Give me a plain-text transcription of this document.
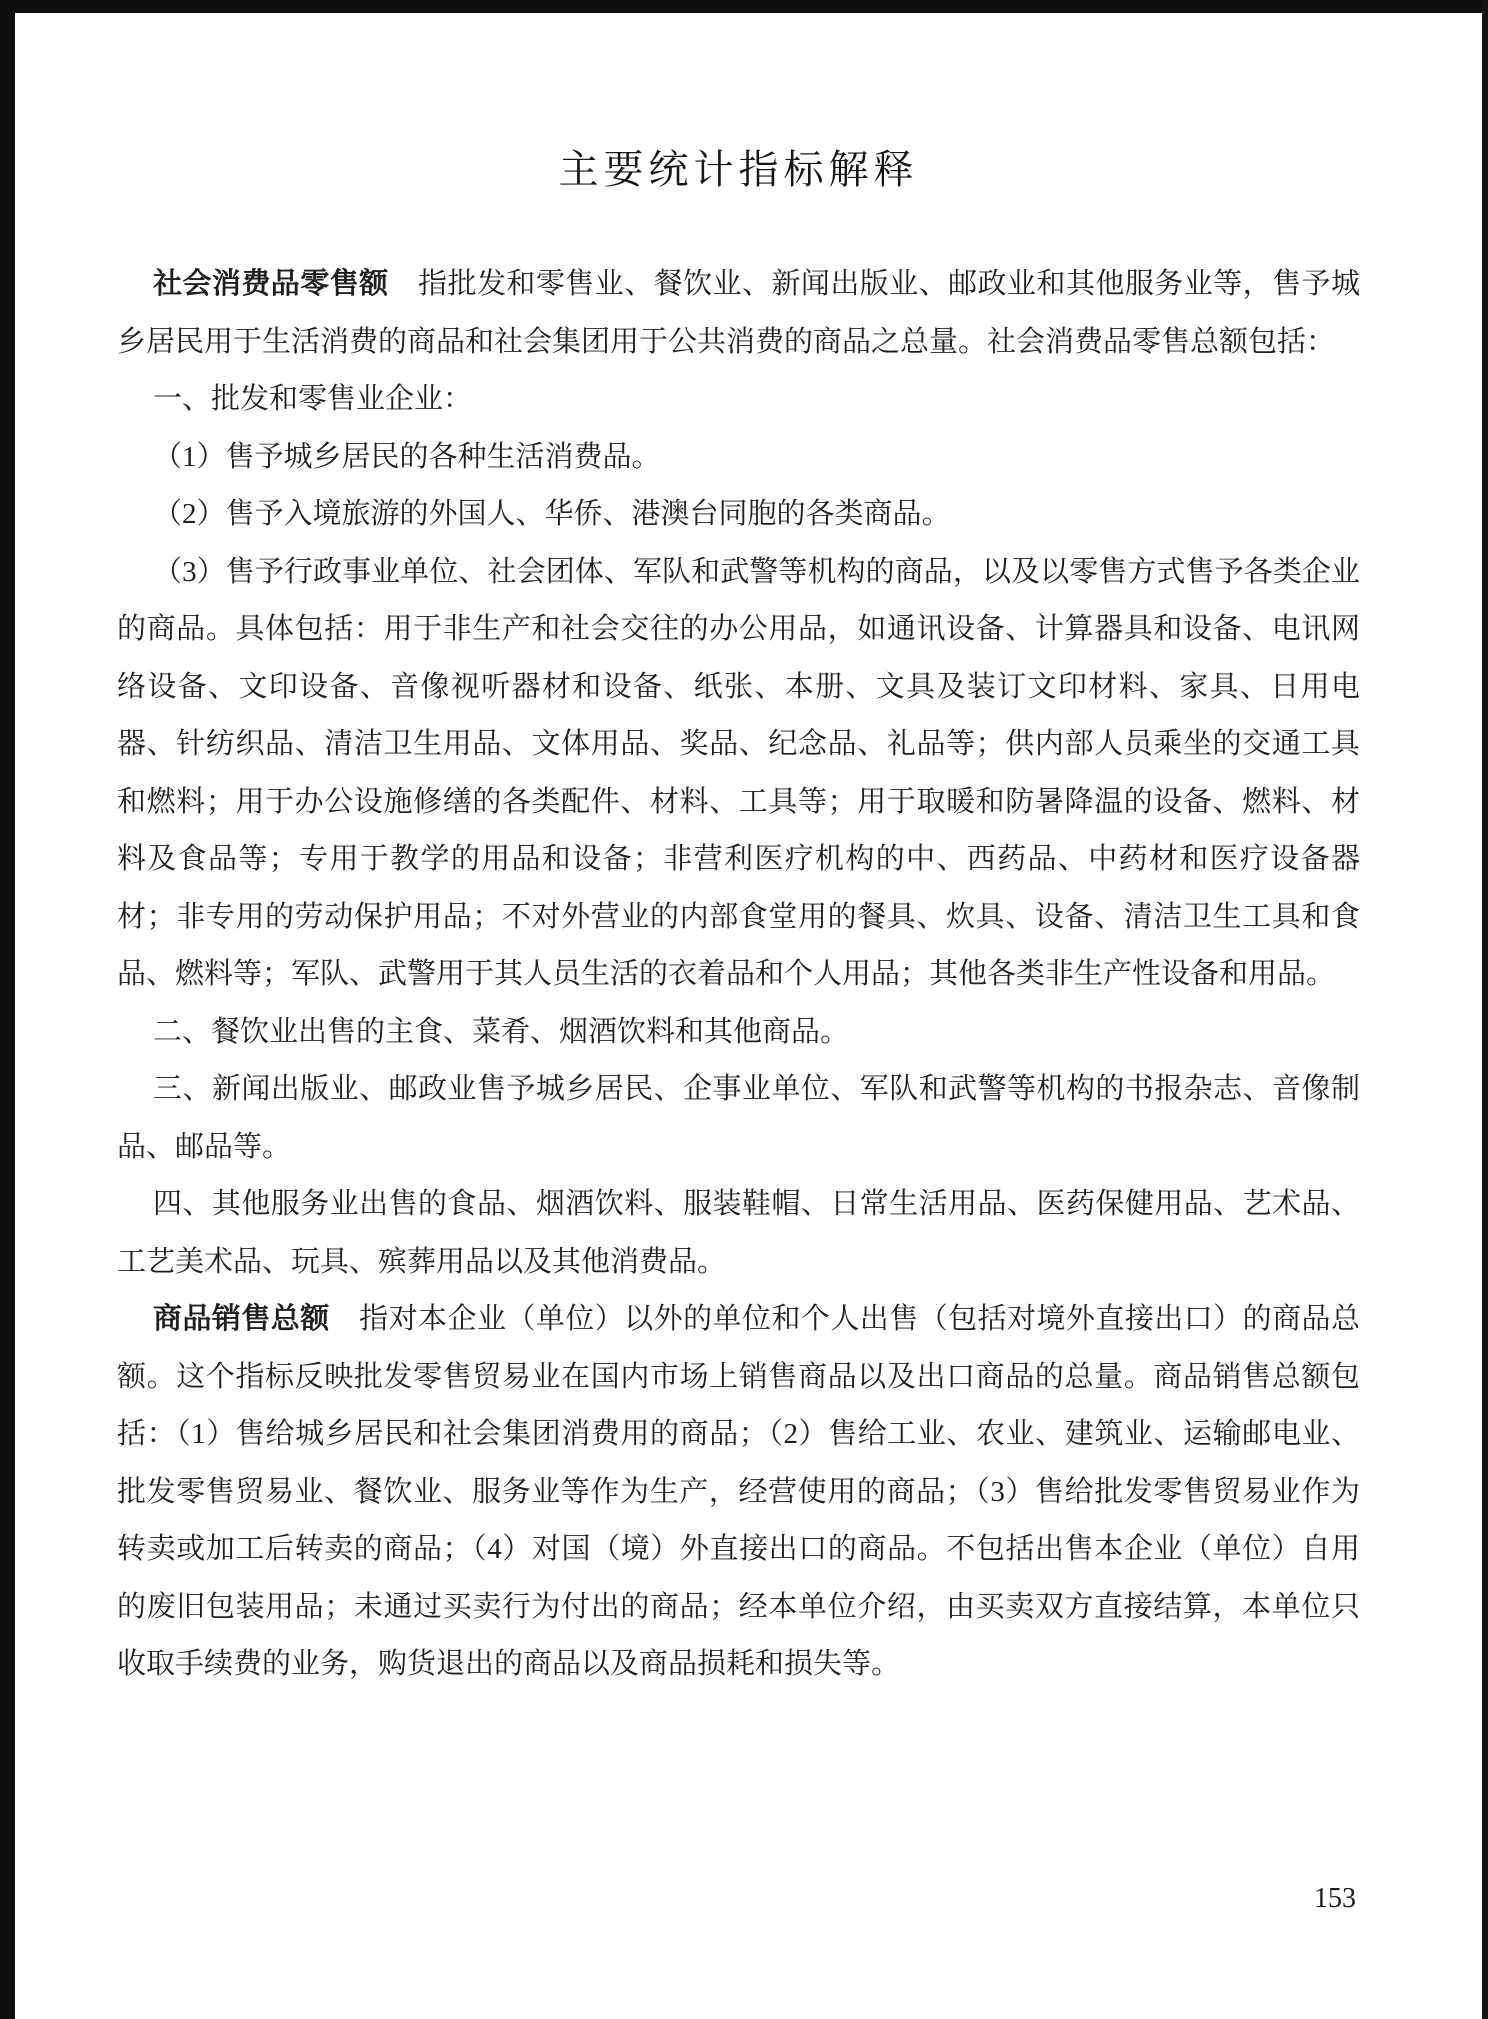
主要统计指标解释

社会消费品零售额　指批发和零售业、餐饮业、新闻出版业、邮政业和其他服务业等，售予城乡居民用于生活消费的商品和社会集团用于公共消费的商品之总量。社会消费品零售总额包括：

一、批发和零售业企业：

（1）售予城乡居民的各种生活消费品。

（2）售予入境旅游的外国人、华侨、港澳台同胞的各类商品。

（3）售予行政事业单位、社会团体、军队和武警等机构的商品，以及以零售方式售予各类企业的商品。具体包括：用于非生产和社会交往的办公用品，如通讯设备、计算器具和设备、电讯网络设备、文印设备、音像视听器材和设备、纸张、本册、文具及装订文印材料、家具、日用电器、针纺织品、清洁卫生用品、文体用品、奖品、纪念品、礼品等；供内部人员乘坐的交通工具和燃料；用于办公设施修缮的各类配件、材料、工具等；用于取暖和防暑降温的设备、燃料、材料及食品等；专用于教学的用品和设备；非营利医疗机构的中、西药品、中药材和医疗设备器材；非专用的劳动保护用品；不对外营业的内部食堂用的餐具、炊具、设备、清洁卫生工具和食品、燃料等；军队、武警用于其人员生活的衣着品和个人用品；其他各类非生产性设备和用品。

二、餐饮业出售的主食、菜肴、烟酒饮料和其他商品。

三、新闻出版业、邮政业售予城乡居民、企事业单位、军队和武警等机构的书报杂志、音像制品、邮品等。

四、其他服务业出售的食品、烟酒饮料、服装鞋帽、日常生活用品、医药保健用品、艺术品、工艺美术品、玩具、殡葬用品以及其他消费品。

商品销售总额　指对本企业（单位）以外的单位和个人出售（包括对境外直接出口）的商品总额。这个指标反映批发零售贸易业在国内市场上销售商品以及出口商品的总量。商品销售总额包括：（1）售给城乡居民和社会集团消费用的商品；（2）售给工业、农业、建筑业、运输邮电业、批发零售贸易业、餐饮业、服务业等作为生产，经营使用的商品；（3）售给批发零售贸易业作为转卖或加工后转卖的商品；（4）对国（境）外直接出口的商品。不包括出售本企业（单位）自用的废旧包装用品；未通过买卖行为付出的商品；经本单位介绍，由买卖双方直接结算，本单位只收取手续费的业务，购货退出的商品以及商品损耗和损失等。

153
